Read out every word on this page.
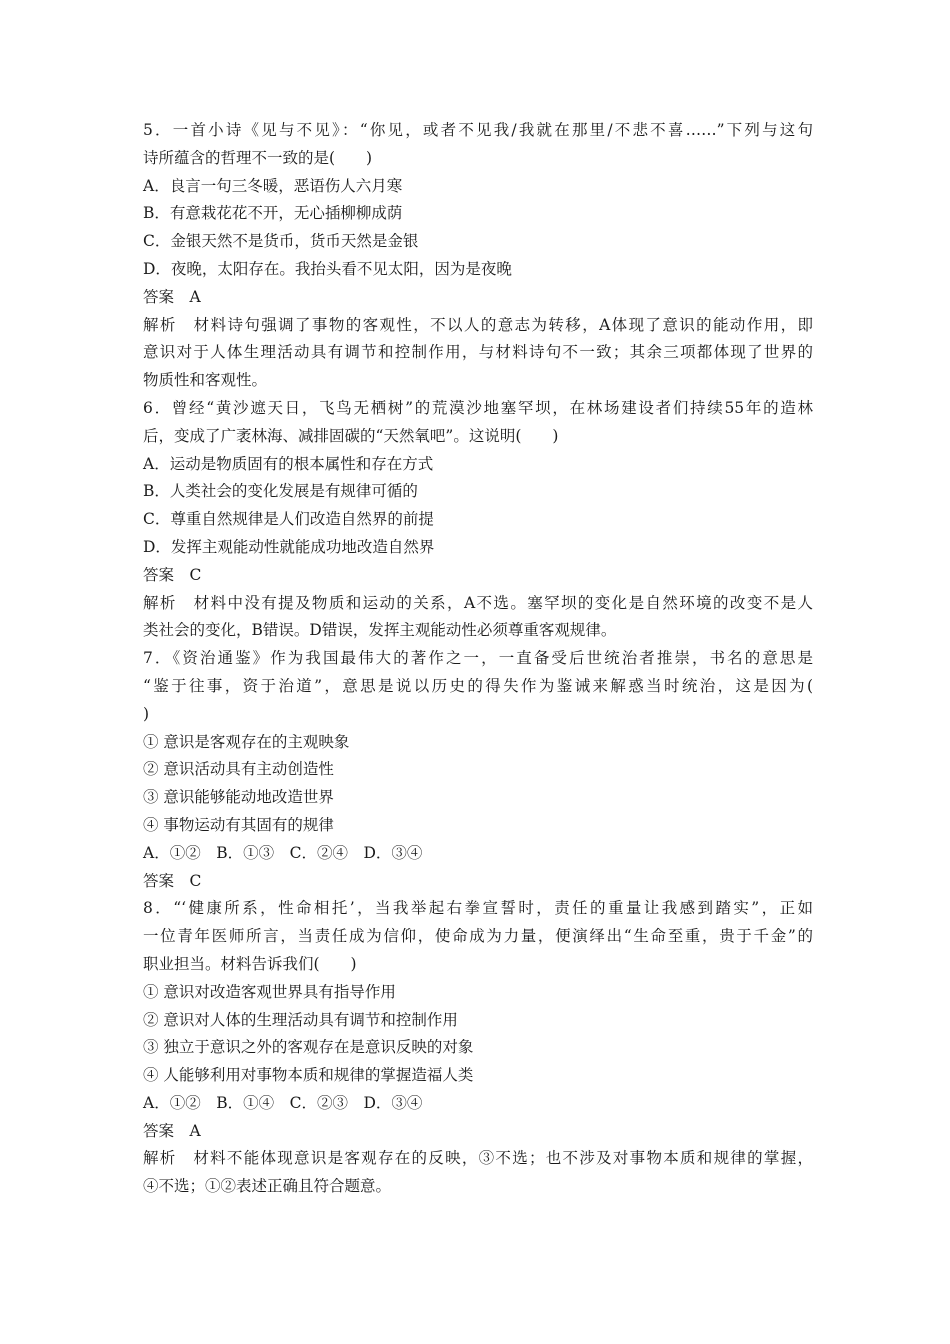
5．一首小诗《见与不见》：“你见，或者不见我/我就在那里/不悲不喜……”下列与这句
诗所蕴含的哲理不一致的是(　　)
A．良言一句三冬暖，恶语伤人六月寒
B．有意栽花花不开，无心插柳柳成荫
C．金银天然不是货币，货币天然是金银
D．夜晚，太阳存在。我抬头看不见太阳，因为是夜晚
答案　A
解析　材料诗句强调了事物的客观性，不以人的意志为转移，A体现了意识的能动作用，即
意识对于人体生理活动具有调节和控制作用，与材料诗句不一致；其余三项都体现了世界的
物质性和客观性。
6．曾经“黄沙遮天日，飞鸟无栖树”的荒漠沙地塞罕坝，在林场建设者们持续55年的造林
后，变成了广袤林海、减排固碳的“天然氧吧”。这说明(　　)
A．运动是物质固有的根本属性和存在方式
B．人类社会的变化发展是有规律可循的
C．尊重自然规律是人们改造自然界的前提
D．发挥主观能动性就能成功地改造自然界
答案　C
解析　材料中没有提及物质和运动的关系，A不选。塞罕坝的变化是自然环境的改变不是人
类社会的变化，B错误。D错误，发挥主观能动性必须尊重客观规律。
7．《资治通鉴》作为我国最伟大的著作之一，一直备受后世统治者推崇，书名的意思是
“鉴于往事，资于治道”，意思是说以历史的得失作为鉴诫来解惑当时统治，这是因为(
)
① 意识是客观存在的主观映象
② 意识活动具有主动创造性
③ 意识能够能动地改造世界
④ 事物运动有其固有的规律
A．①②　B．①③　C．②④　D．③④
答案　C
8．“‘健康所系，性命相托’，当我举起右拳宣誓时，责任的重量让我感到踏实”，正如
一位青年医师所言，当责任成为信仰，使命成为力量，便演绎出“生命至重，贵于千金”的
职业担当。材料告诉我们(　　)
① 意识对改造客观世界具有指导作用
② 意识对人体的生理活动具有调节和控制作用
③ 独立于意识之外的客观存在是意识反映的对象
④ 人能够利用对事物本质和规律的掌握造福人类
A．①②　B．①④　C．②③　D．③④
答案　A
解析　材料不能体现意识是客观存在的反映，③不选；也不涉及对事物本质和规律的掌握，
④不选；①②表述正确且符合题意。
